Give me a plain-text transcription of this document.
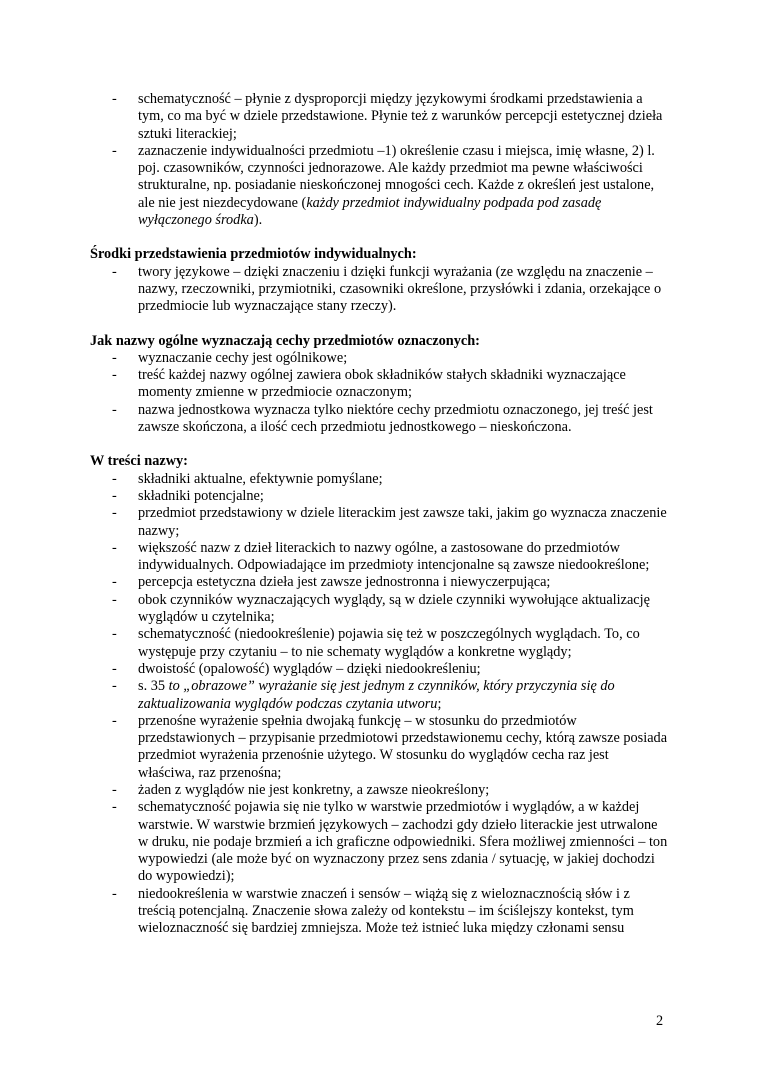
- schematyczność – płynie z dysproporcji między językowymi środkami przedstawienia a tym, co ma być w dziele przedstawione. Płynie też z warunków percepcji estetycznej dzieła sztuki literackiej;
- zaznaczenie indywidualności przedmiotu –1) określenie czasu i miejsca, imię własne, 2) l. poj. czasowników, czynności jednorazowe. Ale każdy przedmiot ma pewne właściwości strukturalne, np. posiadanie nieskończonej mnogości cech. Każde z określeń jest ustalone, ale nie jest niezdecydowane (każdy przedmiot indywidualny podpada pod zasadę wyłączonego środka).
Środki przedstawienia przedmiotów indywidualnych:
- twory językowe – dzięki znaczeniu i dzięki funkcji wyrażania (ze względu na znaczenie – nazwy, rzeczowniki, przymiotniki, czasowniki określone, przysłówki i zdania, orzekające o przedmiocie lub wyznaczające stany rzeczy).
Jak nazwy ogólne wyznaczają cechy przedmiotów oznaczonych:
- wyznaczanie cechy jest ogólnikowe;
- treść każdej nazwy ogólnej zawiera obok składników stałych składniki wyznaczające momenty zmienne w przedmiocie oznaczonym;
- nazwa jednostkowa wyznacza tylko niektóre cechy przedmiotu oznaczonego, jej treść jest zawsze skończona, a ilość cech przedmiotu jednostkowego – nieskończona.
W treści nazwy:
- składniki aktualne, efektywnie pomyślane;
- składniki potencjalne;
- przedmiot przedstawiony w dziele literackim jest zawsze taki, jakim go wyznacza znaczenie nazwy;
- większość nazw z dzieł literackich to nazwy ogólne, a zastosowane do przedmiotów indywidualnych. Odpowiadające im przedmioty intencjonalne są zawsze niedookreślone;
- percepcja estetyczna dzieła jest zawsze jednostronna i niewyczerpująca;
- obok czynników wyznaczających wyglądy, są w dziele czynniki wywołujące aktualizację wyglądów u czytelnika;
- schematyczność (niedookreślenie) pojawia się też w poszczególnych wyglądach. To, co występuje przy czytaniu – to nie schematy wyglądów a konkretne wyglądy;
- dwoistość (opalowość) wyglądów – dzięki niedookreśleniu;
- s. 35 to „obrazowe” wyrażanie się jest jednym z czynników, który przyczynia się do zaktualizowania wyglądów podczas czytania utworu;
- przenośne wyrażenie spełnia dwojaką funkcję – w stosunku do przedmiotów przedstawionych – przypisanie przedmiotowi przedstawionemu cechy, którą zawsze posiada przedmiot wyrażenia przenośnie użytego. W stosunku do wyglądów cecha raz jest właściwa, raz przenośna;
- żaden z wyglądów nie jest konkretny, a zawsze nieokreślony;
- schematyczność pojawia się nie tylko w warstwie przedmiotów i wyglądów, a w każdej warstwie. W warstwie brzmień językowych – zachodzi gdy dzieło literackie jest utrwalone w druku, nie podaje brzmień a ich graficzne odpowiedniki. Sfera możliwej zmienności – ton wypowiedzi (ale może być on wyznaczony przez sens zdania / sytuację, w jakiej dochodzi do wypowiedzi);
- niedookreślenia w warstwie znaczeń i sensów – wiążą się z wieloznacznością słów i z treścią potencjalną. Znaczenie słowa zależy od kontekstu – im ściślejszy kontekst, tym wieloznaczność się bardziej zmniejsza. Może też istnieć luka między członami sensu
2
